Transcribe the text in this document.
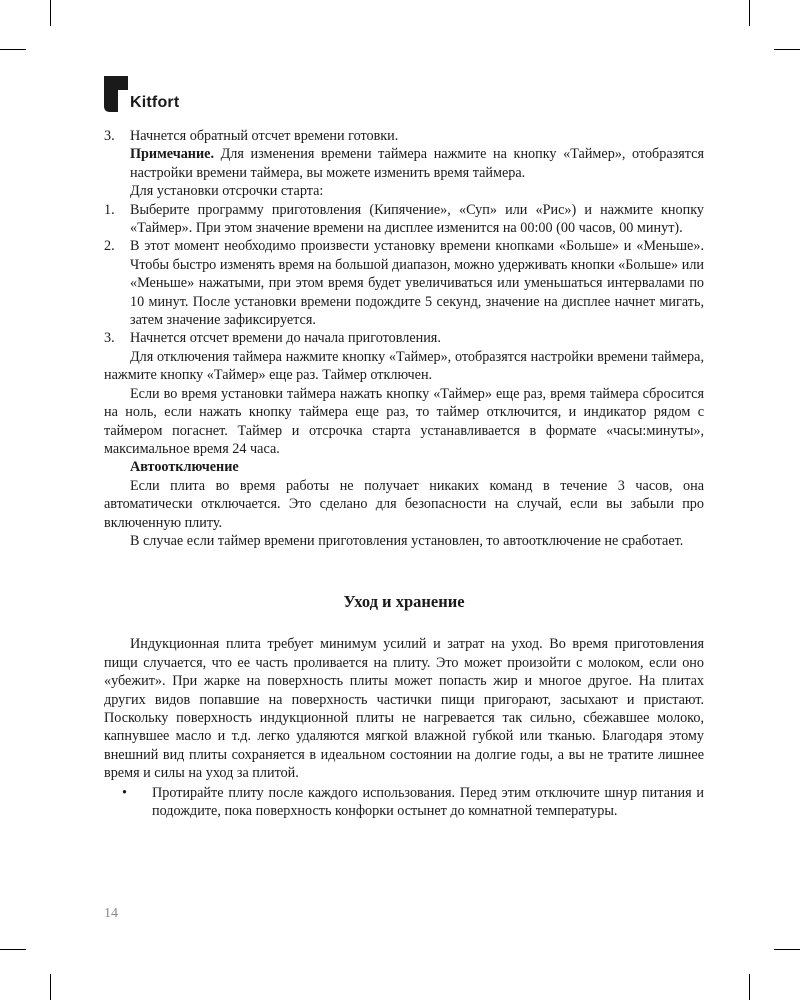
Kitfort
3.	Начнется обратный отсчет времени готовки.

Примечание. Для изменения времени таймера нажмите на кнопку «Таймер», отобразятся настройки времени таймера, вы можете изменить время таймера.

Для установки отсрочки старта:

1.	Выберите программу приготовления (Кипячение», «Суп» или «Рис») и нажмите кнопку «Таймер». При этом значение времени на дисплее изменится на 00:00 (00 часов, 00 минут).
2.	В этот момент необходимо произвести установку времени кнопками «Больше» и «Меньше». Чтобы быстро изменять время на большой диапазон, можно удерживать кнопки «Больше» или «Меньше» нажатыми, при этом время будет увеличиваться или уменьшаться интервалами по 10 минут. После установки времени подождите 5 секунд, значение на дисплее начнет мигать, затем значение зафиксируется.
3.	Начнется отсчет времени до начала приготовления.

Для отключения таймера нажмите кнопку «Таймер», отобразятся настройки времени таймера, нажмите кнопку «Таймер» еще раз. Таймер отключен.

Если во время установки таймера нажать кнопку «Таймер» еще раз, время таймера сбросится на ноль, если нажать кнопку таймера еще раз, то таймер отключится, и индикатор рядом с таймером погаснет. Таймер и отсрочка старта устанавливается в формате «часы:минуты», максимальное время 24 часа.

Автоотключение

Если плита во время работы не получает никаких команд в течение 3 часов, она автоматически отключается. Это сделано для безопасности на случай, если вы забыли про включенную плиту.

В случае если таймер времени приготовления установлен, то автоотключение не сработает.

Уход и хранение

Индукционная плита требует минимум усилий и затрат на уход. Во время приготовления пищи случается, что ее часть проливается на плиту. Это может произойти с молоком, если оно «убежит». При жарке на поверхность плиты может попасть жир и многое другое. На плитах других видов попавшие на поверхность частички пищи пригорают, засыхают и пристают. Поскольку поверхность индукционной плиты не нагревается так сильно, сбежавшее молоко, капнувшее масло и т.д. легко удаляются мягкой влажной губкой или тканью. Благодаря этому внешний вид плиты сохраняется в идеальном состоянии на долгие годы, а вы не тратите лишнее время и силы на уход за плитой.

•	Протирайте плиту после каждого использования. Перед этим отключите шнур питания и подождите, пока поверхность конфорки остынет до комнатной температуры.
14
